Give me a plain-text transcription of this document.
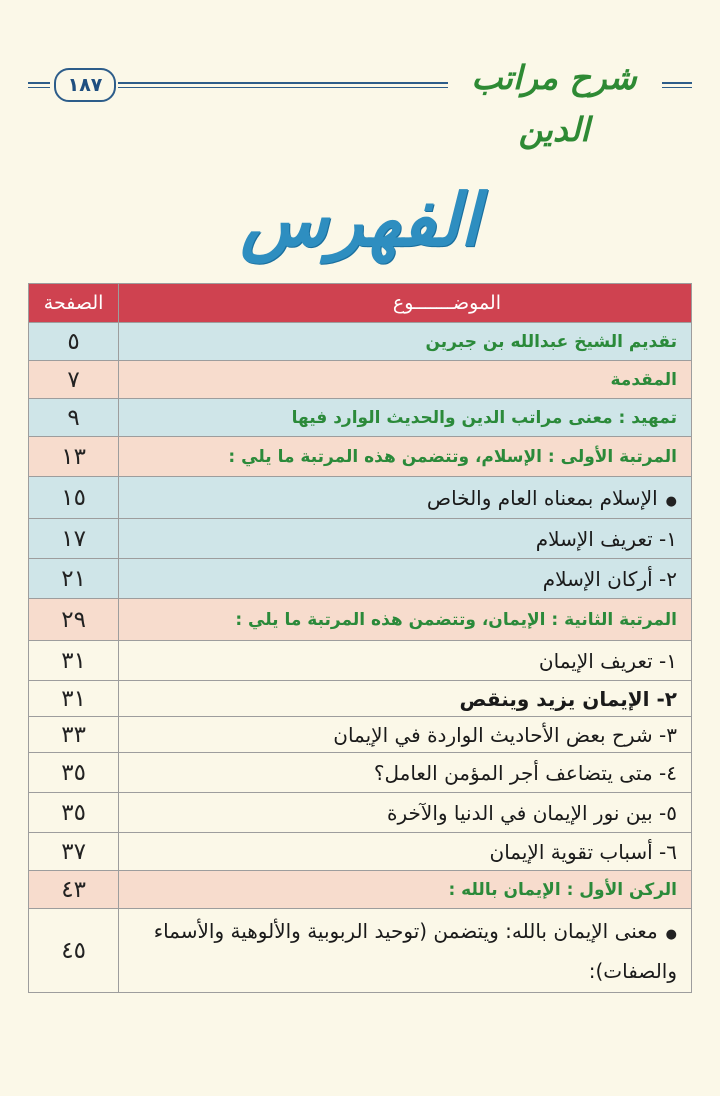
١٨٧	شرح مراتب الدين
الفهرس
الموضـــــــوع	الصفحة
تقديم الشيخ عبدالله بن جبرين	٥
المقدمة	٧
تمهيد : معنى مراتب الدين والحديث الوارد فيها	٩
المرتبة الأولى : الإسلام، وتتضمن هذه المرتبة ما يلي :	١٣
● الإسلام بمعناه العام والخاص	١٥
١- تعريف الإسلام	١٧
٢- أركان الإسلام	٢١
المرتبة الثانية : الإيمان، وتتضمن هذه المرتبة ما يلي :	٢٩
١- تعريف الإيمان	٣١
٢- الإيمان يزيد وينقص	٣١
٣- شرح بعض الأحاديث الواردة في الإيمان	٣٣
٤- متى يتضاعف أجر المؤمن العامل؟	٣٥
٥- بين نور الإيمان في الدنيا والآخرة	٣٥
٦- أسباب تقوية الإيمان	٣٧
الركن الأول : الإيمان بالله :	٤٣
● معنى الإيمان بالله: ويتضمن (توحيد الربوبية والألوهية والأسماء والصفات):	٤٥
